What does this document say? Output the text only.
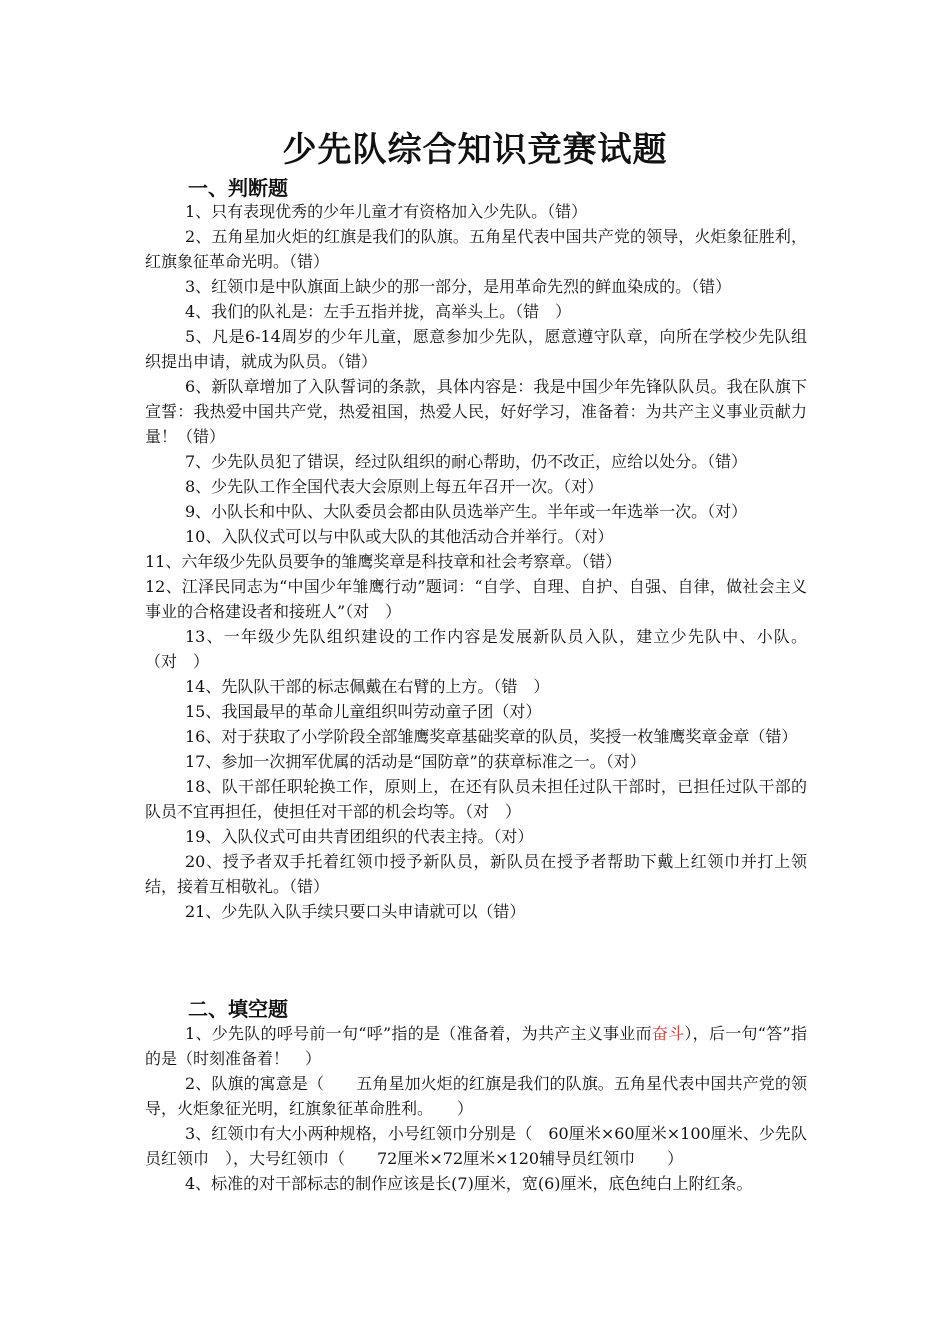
少先队综合知识竞赛试题
一、判断题

1、只有表现优秀的少年儿童才有资格加入少先队。（错）

2、五角星加火炬的红旗是我们的队旗。五角星代表中国共产党的领导，火炬象征胜利，红旗象征革命光明。（错）

3、红领巾是中队旗面上缺少的那一部分，是用革命先烈的鲜血染成的。（错）

4、我们的队礼是：左手五指并拢，高举头上。（错　）

5、凡是6-14周岁的少年儿童，愿意参加少先队，愿意遵守队章，向所在学校少先队组织提出申请，就成为队员。（错）

6、新队章增加了入队誓词的条款，具体内容是：我是中国少年先锋队队员。我在队旗下宣誓：我热爱中国共产党，热爱祖国，热爱人民，好好学习，准备着：为共产主义事业贡献力量！（错）

7、少先队员犯了错误，经过队组织的耐心帮助，仍不改正，应给以处分。（错）

8、少先队工作全国代表大会原则上每五年召开一次。（对）

9、小队长和中队、大队委员会都由队员选举产生。半年或一年选举一次。（对）

10、入队仪式可以与中队或大队的其他活动合并举行。（对）

11、六年级少先队员要争的雏鹰奖章是科技章和社会考察章。（错）

12、江泽民同志为“中国少年雏鹰行动”题词：“自学、自理、自护、自强、自律，做社会主义事业的合格建设者和接班人”（对　）

13、一年级少先队组织建设的工作内容是发展新队员入队，建立少先队中、小队。（对　）

14、先队队干部的标志佩戴在右臂的上方。（错　）

15、我国最早的革命儿童组织叫劳动童子团（对）

16、对于获取了小学阶段全部雏鹰奖章基础奖章的队员，奖授一枚雏鹰奖章金章（错）

17、参加一次拥军优属的活动是“国防章”的获章标准之一。（对）

18、队干部任职轮换工作，原则上，在还有队员未担任过队干部时，已担任过队干部的队员不宜再担任，使担任对干部的机会均等。（对　）

19、入队仪式可由共青团组织的代表主持。（对）

20、授予者双手托着红领巾授予新队员，新队员在授予者帮助下戴上红领巾并打上领结，接着互相敬礼。（错）

21、少先队入队手续只要口头申请就可以（错）

二、填空题

1、少先队的呼号前一句“呼”指的是（准备着，为共产主义事业而奋斗），后一句“答”指的是（时刻准备着！　）

2、队旗的寓意是（　　五角星加火炬的红旗是我们的队旗。五角星代表中国共产党的领导，火炬象征光明，红旗象征革命胜利。　　）

3、红领巾有大小两种规格，小号红领巾分别是（　60厘米×60厘米×100厘米、少先队员红领巾　），大号红领巾（　　72厘米×72厘米×120辅导员红领巾　　）

4、标准的对干部标志的制作应该是长(7)厘米，宽(6)厘米，底色纯白上附红条。
